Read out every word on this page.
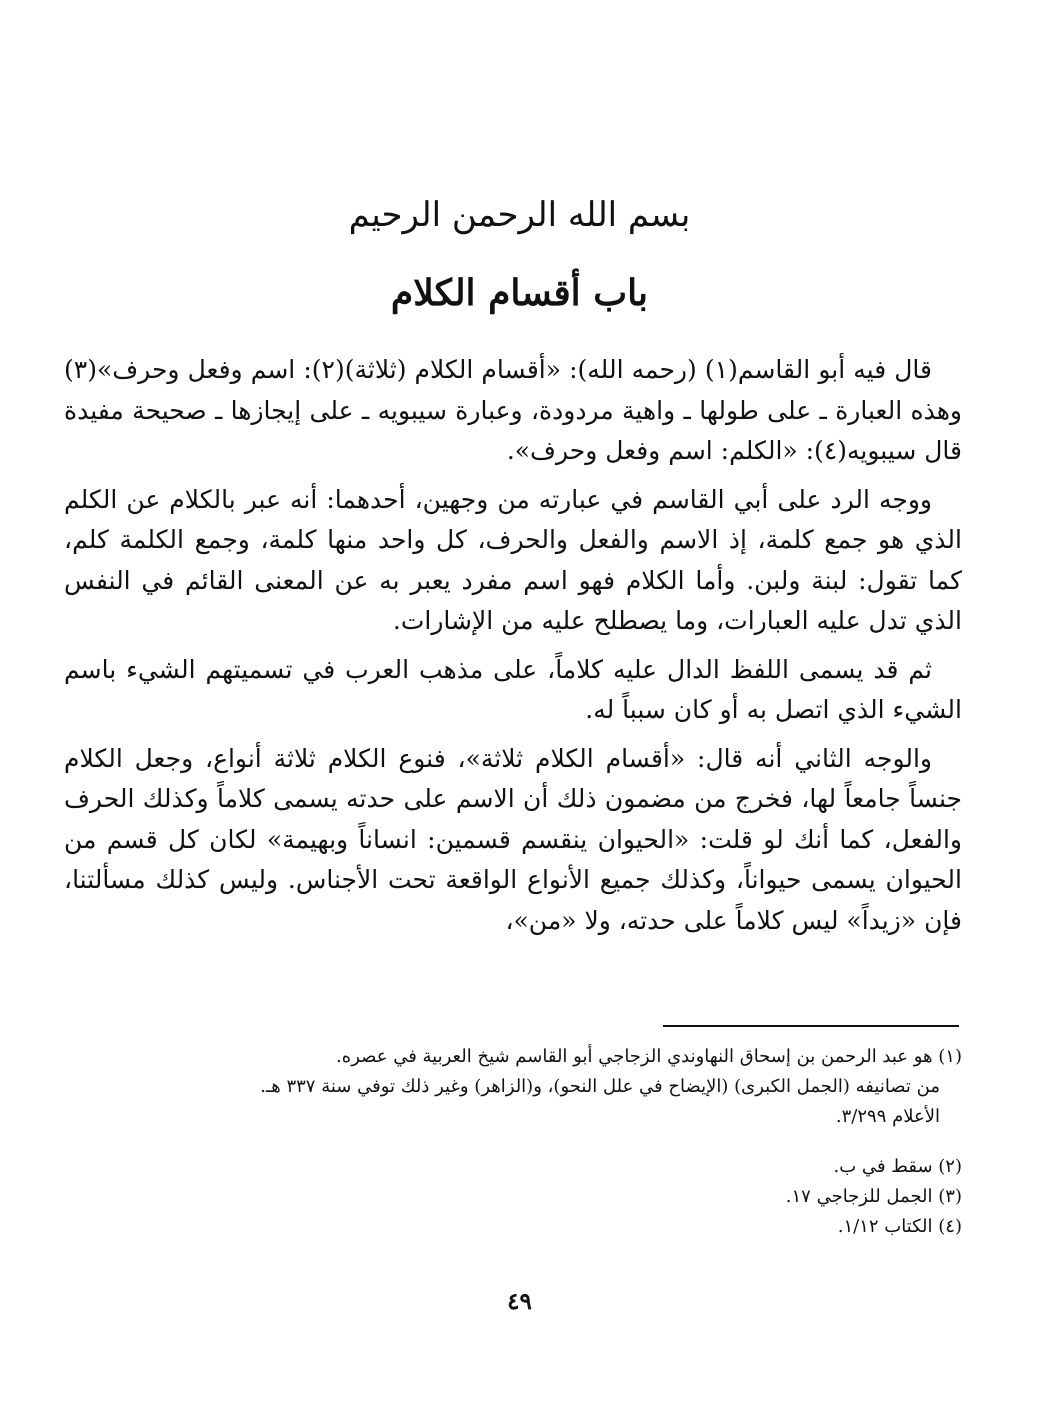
بسم الله الرحمن الرحيم
باب أقسام الكلام

قال فيه أبو القاسم(١) (رحمه الله): «أقسام الكلام (ثلاثة)(٢): اسم وفعل وحرف»(٣) وهذه العبارة ـ على طولها ـ واهية مردودة، وعبارة سيبويه ـ على إيجازها ـ صحيحة مفيدة قال سيبويه(٤): «الكلم: اسم وفعل وحرف».

ووجه الرد على أبي القاسم في عبارته من وجهين، أحدهما: أنه عبر بالكلام عن الكلم الذي هو جمع كلمة، إذ الاسم والفعل والحرف، كل واحد منها كلمة، وجمع الكلمة كلم، كما تقول: لبنة ولبن. وأما الكلام فهو اسم مفرد يعبر به عن المعنى القائم في النفس الذي تدل عليه العبارات، وما يصطلح عليه من الإشارات.

ثم قد يسمى اللفظ الدال عليه كلاماً، على مذهب العرب في تسميتهم الشيء باسم الشيء الذي اتصل به أو كان سبباً له.

والوجه الثاني أنه قال: «أقسام الكلام ثلاثة»، فنوع الكلام ثلاثة أنواع، وجعل الكلام جنساً جامعاً لها، فخرج من مضمون ذلك أن الاسم على حدته يسمى كلاماً وكذلك الحرف والفعل، كما أنك لو قلت: «الحيوان ينقسم قسمين: انساناً وبهيمة» لكان كل قسم من الحيوان يسمى حيواناً، وكذلك جميع الأنواع الواقعة تحت الأجناس. وليس كذلك مسألتنا، فإن «زيداً» ليس كلاماً على حدته، ولا «من»،

(١) هو عبد الرحمن بن إسحاق النهاوندي الزجاجي أبو القاسم شيخ العربية في عصره.

من تصانيفه (الجمل الكبرى) (الإيضاح في علل النحو)، و(الزاهر) وغير ذلك توفي سنة ٣٣٧ هـ.

الأعلام ٣/٢٩٩.

(٢) سقط في ب.

(٣) الجمل للزجاجي ١٧.

(٤) الكتاب ١/١٢.

٤٩
